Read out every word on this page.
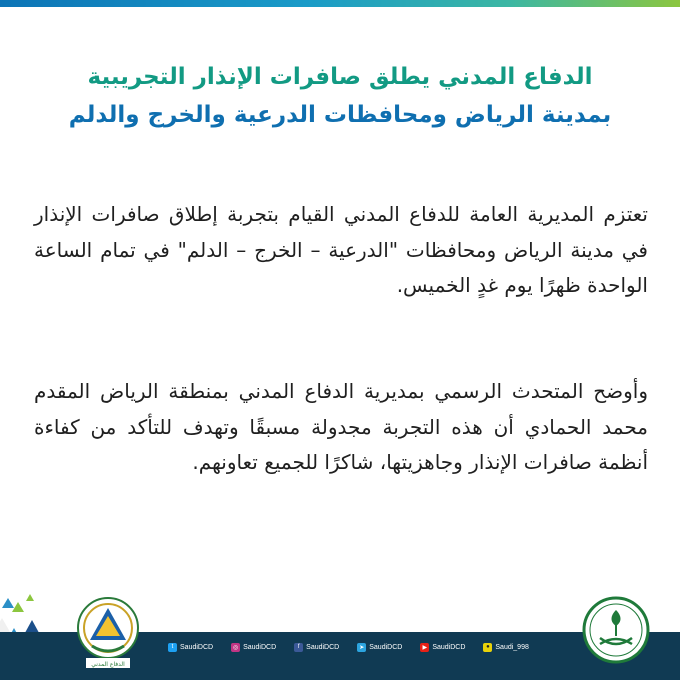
الدفاع المدني يطلق صافرات الإنذار التجريبية
بمدينة الرياض ومحافظات الدرعية والخرج والدلم
تعتزم المديرية العامة للدفاع المدني القيام بتجربة إطلاق صافرات الإنذار في مدينة الرياض ومحافظات "الدرعية – الخرج – الدلم" في تمام الساعة الواحدة ظهرًا يوم غدٍ الخميس.
وأوضح المتحدث الرسمي بمديرية الدفاع المدني بمنطقة الرياض المقدم محمد الحمادي أن هذه التجربة مجدولة مسبقًا وتهدف للتأكد من كفاءة أنظمة صافرات الإنذار وجاهزيتها، شاكرًا للجميع تعاونهم.
t SaudiDCD	◎ SaudiDCD	f SaudiDCD	➤ SaudiDCD	▶ SaudiDCD	● Saudi_998
الدفاع المدني
